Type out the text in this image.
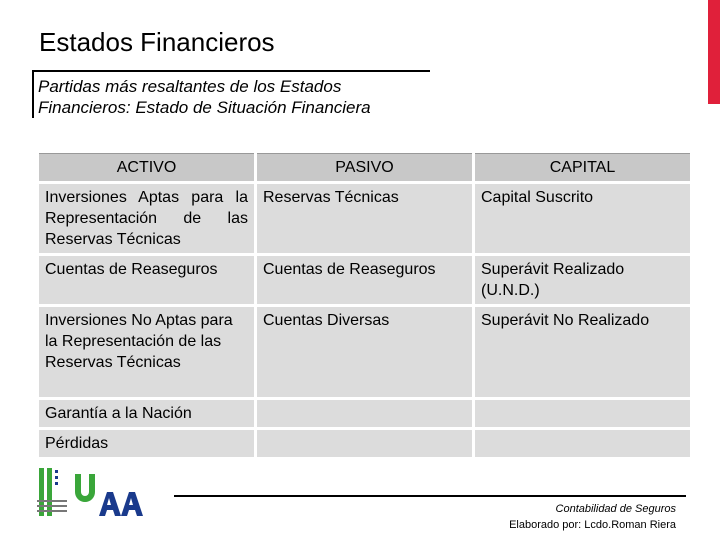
Estados Financieros
Partidas más resaltantes de los Estados
Financieros: Estado de Situación Financiera
ACTIVO	PASIVO	CAPITAL
Inversiones Aptas para la Representación de las Reservas Técnicas	Reservas Técnicas	Capital Suscrito
Cuentas de Reaseguros	Cuentas de Reaseguros	Superávit Realizado (U.N.D.)
Inversiones No Aptas para la Representación de las Reservas Técnicas	Cuentas Diversas	Superávit No Realizado
Garantía a la Nación		
Pérdidas		
Contabilidad de Seguros
Elaborado por: Lcdo.Roman Riera
